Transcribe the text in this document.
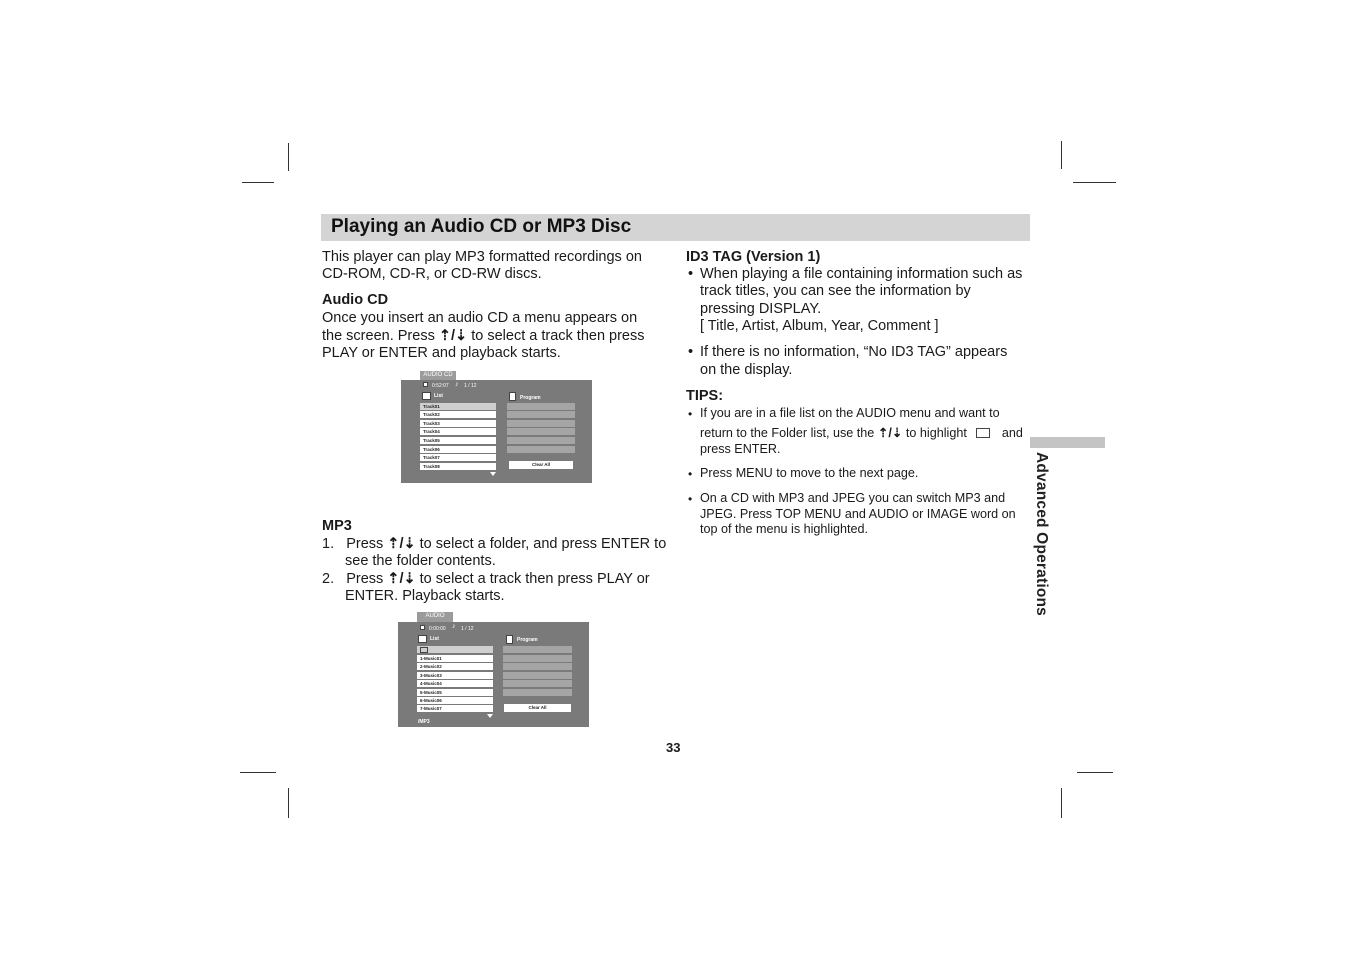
Playing an Audio CD or MP3 Disc
This player can play MP3 formatted recordings on
CD-ROM, CD-R, or CD-RW discs.
Audio CD
Once you insert an audio CD a menu appears on
the screen. Press ⇡/⇣ to select a track then press
PLAY or ENTER and playback starts.
AUDIO CD
0:52:07 ♪ 1 / 12
List	Program
Track01
Track02
Track03
Track04
Track05
Track06
Track07
Track08	Clear All
MP3
1. Press ⇡/⇣ to select a folder, and press ENTER to
see the folder contents.
2. Press ⇡/⇣ to select a track then press PLAY or
ENTER. Playback starts.
AUDIO
0:00:00 ♪ 1 / 12
List	Program
1-Music01
2-Music02
3-Music03
4-Music04
5-Music05
6-Music06
7-Music07
/MP3
Clear All
ID3 TAG (Version 1)
• When playing a file containing information such as
track titles, you can see the information by
pressing DISPLAY.
[ Title, Artist, Album, Year, Comment ]
• If there is no information, “No ID3 TAG” appears
on the display.
TIPS:
• If you are in a file list on the AUDIO menu and want to
return to the Folder list, use the ⇡/⇣ to highlight	and
press ENTER.
• Press MENU to move to the next page.
• On a CD with MP3 and JPEG you can switch MP3 and
JPEG. Press TOP MENU and AUDIO or IMAGE word on
top of the menu is highlighted.	Advanced Operations
33
